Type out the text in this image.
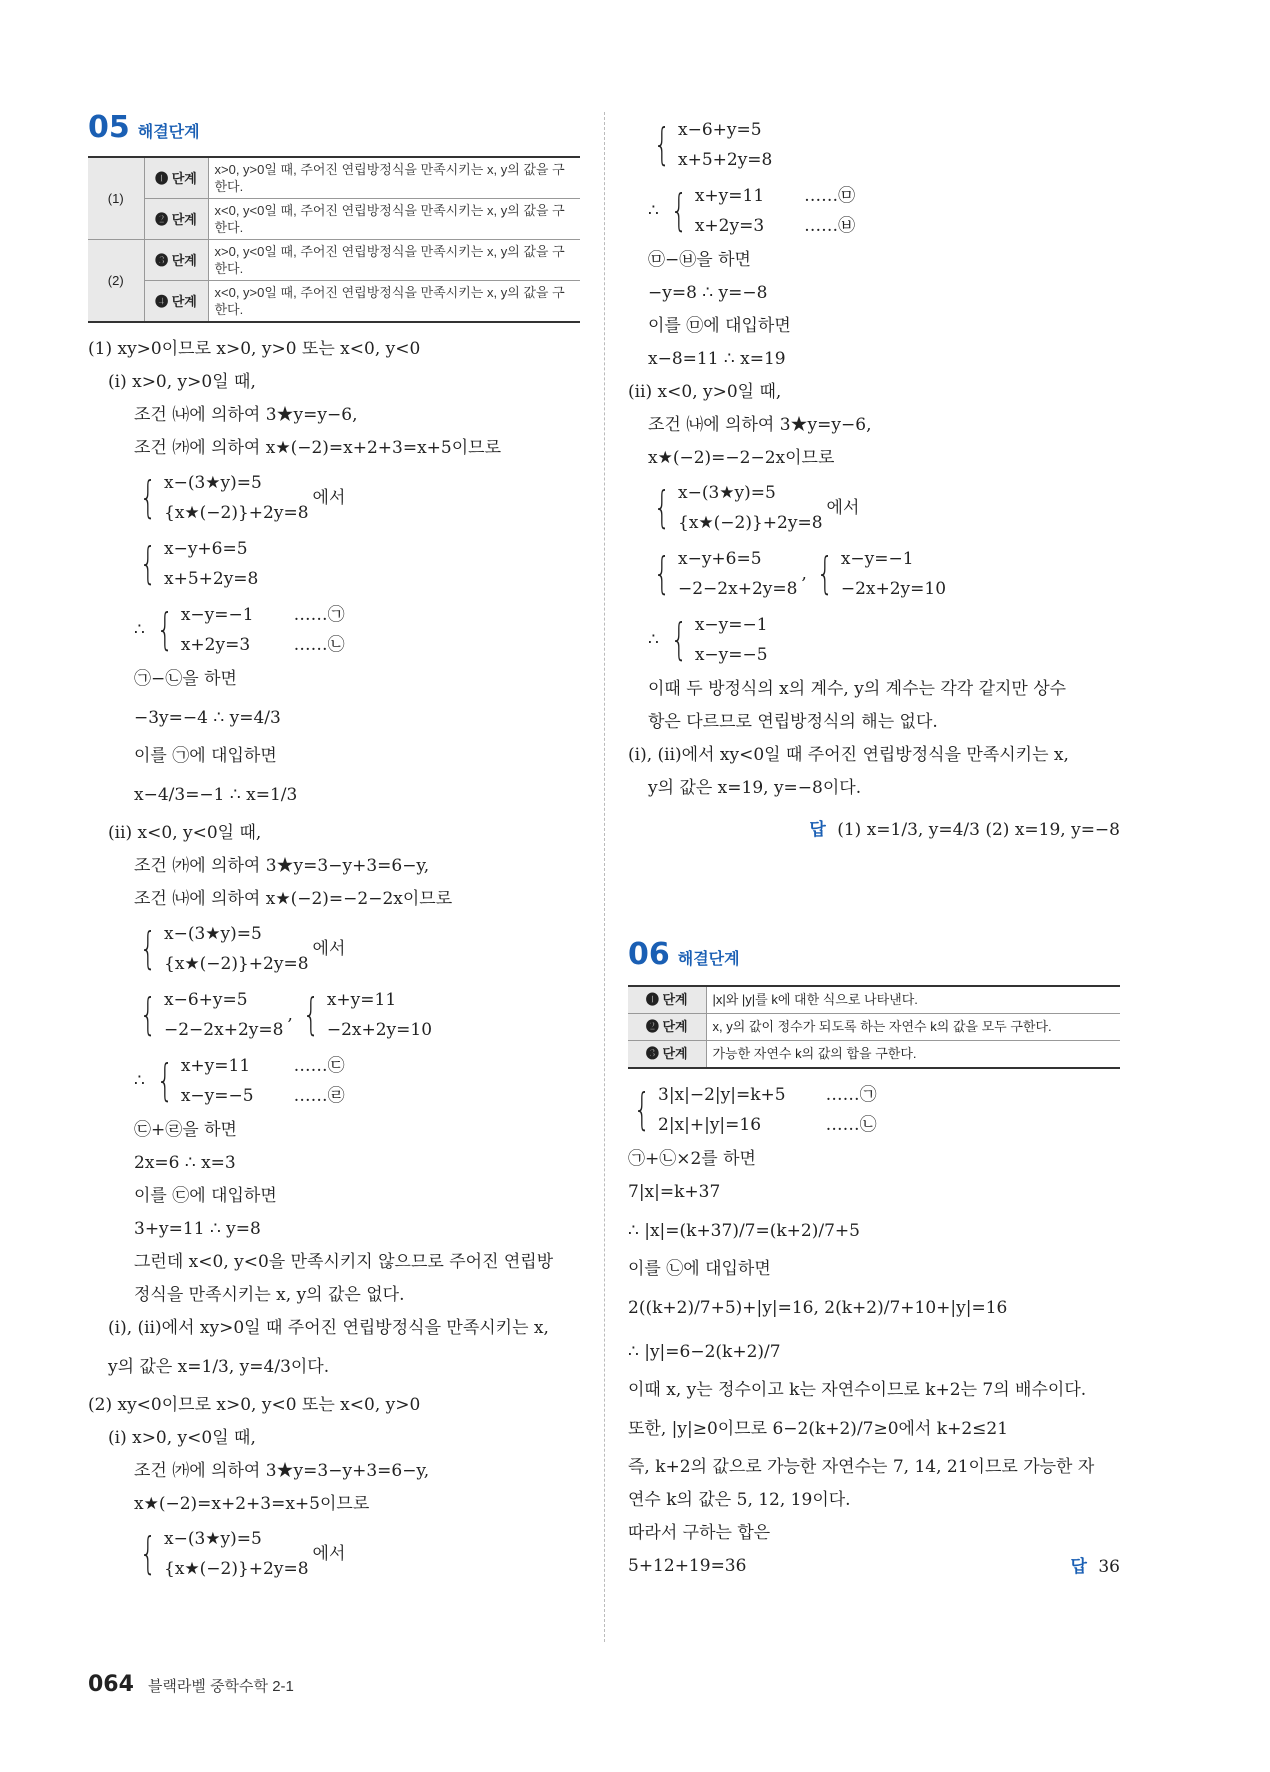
05 해결단계
(1)	❶ 단계	x>0, y>0일 때, 주어진 연립방정식을 만족시키는 x, y의 값을 구한다.
	❷ 단계	x<0, y<0일 때, 주어진 연립방정식을 만족시키는 x, y의 값을 구한다.
(2)	❸ 단계	x>0, y<0일 때, 주어진 연립방정식을 만족시키는 x, y의 값을 구한다.
	❹ 단계	x<0, y>0일 때, 주어진 연립방정식을 만족시키는 x, y의 값을 구한다.
(1) xy>0이므로 x>0, y>0 또는 x<0, y<0
(ⅰ) x>0, y>0일 때,
조건 ㈏에 의하여 3★y=y−6,
조건 ㈎에 의하여 x★(−2)=x+2+3=x+5이므로
{ x−(3★y)=5
{x★(−2)}+2y=8
에서
{ x−y+6=5
x+5+2y=8
∴ { x−y=−1
x+2y=3
……㉠
……㉡
㉠−㉡을 하면
−3y=−4 ∴ y=4/3
이를 ㉠에 대입하면
x−4/3=−1 ∴ x=1/3
(ⅱ) x<0, y<0일 때,
조건 ㈎에 의하여 3★y=3−y+3=6−y,
조건 ㈏에 의하여 x★(−2)=−2−2x이므로
{ x−(3★y)=5
{x★(−2)}+2y=8
에서
{ x−6+y=5
−2−2x+2y=8
, { x+y=11
−2x+2y=10
∴ { x+y=11
x−y=−5
……㉢
……㉣
㉢+㉣을 하면
2x=6 ∴ x=3
이를 ㉢에 대입하면
3+y=11 ∴ y=8
그런데 x<0, y<0을 만족시키지 않으므로 주어진 연립방
정식을 만족시키는 x, y의 값은 없다.
(ⅰ), (ⅱ)에서 xy>0일 때 주어진 연립방정식을 만족시키는 x,
y의 값은 x=1/3, y=4/3이다.
(2) xy<0이므로 x>0, y<0 또는 x<0, y>0
(ⅰ) x>0, y<0일 때,
조건 ㈎에 의하여 3★y=3−y+3=6−y,
x★(−2)=x+2+3=x+5이므로
{ x−(3★y)=5
{x★(−2)}+2y=8
에서
{ x−6+y=5
x+5+2y=8
∴ { x+y=11
x+2y=3
……㉤
……㉥
㉤−㉥을 하면
−y=8 ∴ y=−8
이를 ㉤에 대입하면
x−8=11 ∴ x=19
(ⅱ) x<0, y>0일 때,
조건 ㈏에 의하여 3★y=y−6,
x★(−2)=−2−2x이므로
{ x−(3★y)=5
{x★(−2)}+2y=8
에서
{ x−y+6=5
−2−2x+2y=8
, { x−y=−1
−2x+2y=10
∴ { x−y=−1
x−y=−5
이때 두 방정식의 x의 계수, y의 계수는 각각 같지만 상수
항은 다르므로 연립방정식의 해는 없다.
(ⅰ), (ⅱ)에서 xy<0일 때 주어진 연립방정식을 만족시키는 x,
y의 값은 x=19, y=−8이다.
답 (1) x=1/3, y=4/3 (2) x=19, y=−8
06 해결단계
❶ 단계	|x|와 |y|를 k에 대한 식으로 나타낸다.
❷ 단계	x, y의 값이 정수가 되도록 하는 자연수 k의 값을 모두 구한다.
❸ 단계	가능한 자연수 k의 값의 합을 구한다.
{ 3|x|−2|y|=k+5
2|x|+|y|=16
……㉠
……㉡
㉠+㉡×2를 하면
7|x|=k+37
∴ |x|=(k+37)/7=(k+2)/7+5
이를 ㉡에 대입하면
2((k+2)/7+5)+|y|=16, 2(k+2)/7+10+|y|=16
∴ |y|=6−2(k+2)/7
이때 x, y는 정수이고 k는 자연수이므로 k+2는 7의 배수이다.
또한, |y|≥0이므로 6−2(k+2)/7≥0에서 k+2≤21
즉, k+2의 값으로 가능한 자연수는 7, 14, 21이므로 가능한 자
연수 k의 값은 5, 12, 19이다.
따라서 구하는 합은
5+12+19=36	답 36
064 블랙라벨 중학수학 2-1
